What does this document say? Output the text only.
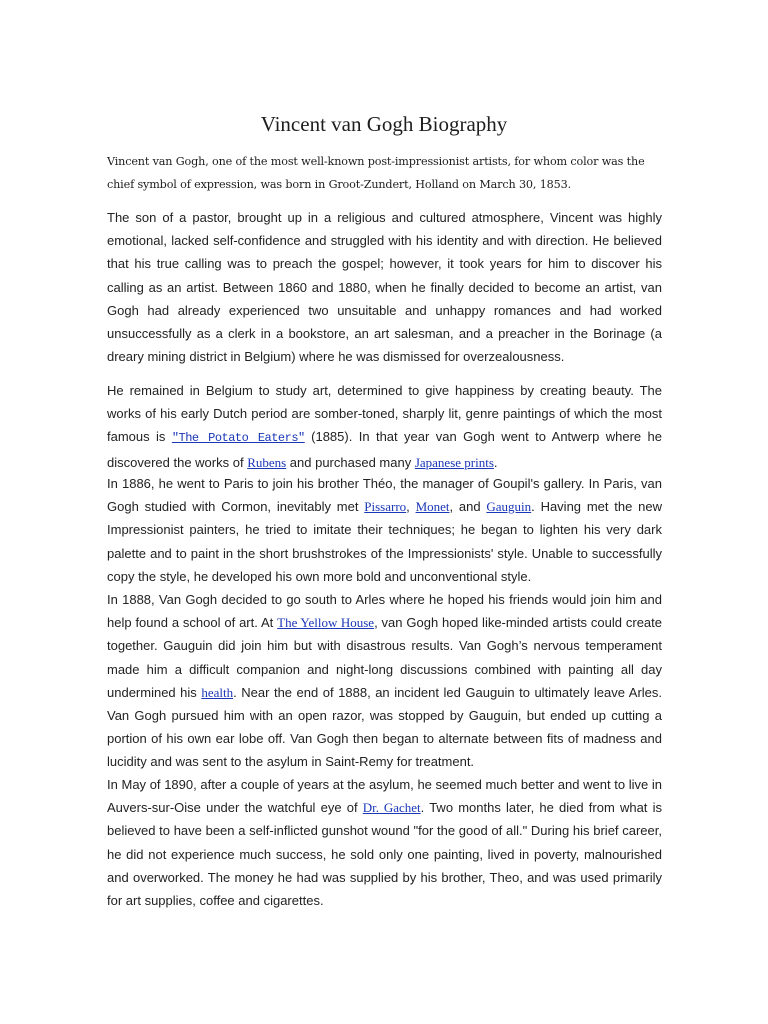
Vincent van Gogh Biography
Vincent van Gogh, one of the most well-known post-impressionist artists, for whom color was the chief symbol of expression, was born in Groot-Zundert, Holland on March 30, 1853.

The son of a pastor, brought up in a religious and cultured atmosphere, Vincent was highly emotional, lacked self-confidence and struggled with his identity and with direction. He believed that his true calling was to preach the gospel; however, it took years for him to discover his calling as an artist. Between 1860 and 1880, when he finally decided to become an artist, van Gogh had already experienced two unsuitable and unhappy romances and had worked unsuccessfully as a clerk in a bookstore, an art salesman, and a preacher in the Borinage (a dreary mining district in Belgium) where he was dismissed for overzealousness.

He remained in Belgium to study art, determined to give happiness by creating beauty. The works of his early Dutch period are somber-toned, sharply lit, genre paintings of which the most famous is "The Potato Eaters" (1885). In that year van Gogh went to Antwerp where he discovered the works of Rubens and purchased many Japanese prints.

In 1886, he went to Paris to join his brother Théo, the manager of Goupil's gallery. In Paris, van Gogh studied with Cormon, inevitably met Pissarro, Monet, and Gauguin. Having met the new Impressionist painters, he tried to imitate their techniques; he began to lighten his very dark palette and to paint in the short brushstrokes of the Impressionists' style. Unable to successfully copy the style, he developed his own more bold and unconventional style.

In 1888, Van Gogh decided to go south to Arles where he hoped his friends would join him and help found a school of art. At The Yellow House, van Gogh hoped like-minded artists could create together. Gauguin did join him but with disastrous results. Van Gogh’s nervous temperament made him a difficult companion and night-long discussions combined with painting all day undermined his health. Near the end of 1888, an incident led Gauguin to ultimately leave Arles. Van Gogh pursued him with an open razor, was stopped by Gauguin, but ended up cutting a portion of his own ear lobe off. Van Gogh then began to alternate between fits of madness and lucidity and was sent to the asylum in Saint-Remy for treatment.

In May of 1890, after a couple of years at the asylum, he seemed much better and went to live in Auvers-sur-Oise under the watchful eye of Dr. Gachet. Two months later, he died from what is believed to have been a self-inflicted gunshot wound "for the good of all." During his brief career, he did not experience much success, he sold only one painting, lived in poverty, malnourished and overworked. The money he had was supplied by his brother, Theo, and was used primarily for art supplies, coffee and cigarettes.
